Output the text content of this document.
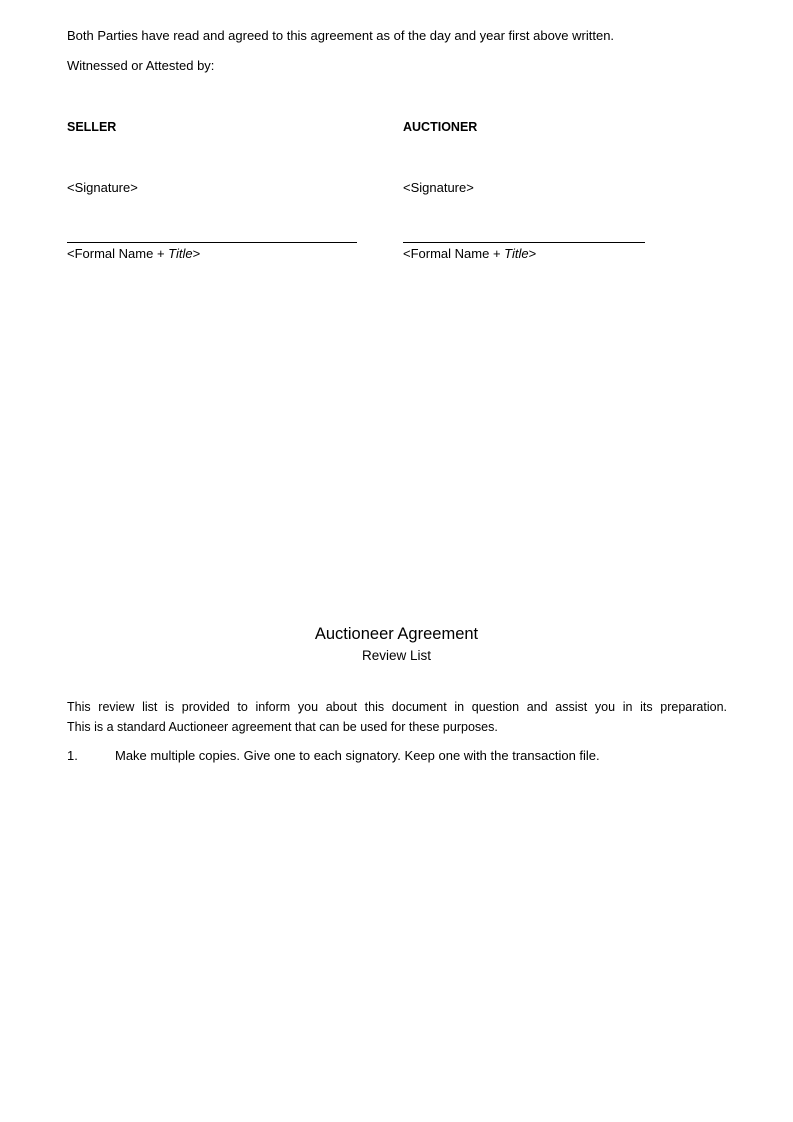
Both Parties have read and agreed to this agreement as of the day and year first above written.
Witnessed or Attested by:
SELLER
<Signature>
<Formal Name + Title>
AUCTIONER
<Signature>
<Formal Name + Title>
Auctioneer Agreement
Review List
This review list is provided to inform you about this document in question and assist you in its preparation.
This is a standard Auctioneer agreement that can be used for these purposes.
1.	Make multiple copies. Give one to each signatory. Keep one with the transaction file.
